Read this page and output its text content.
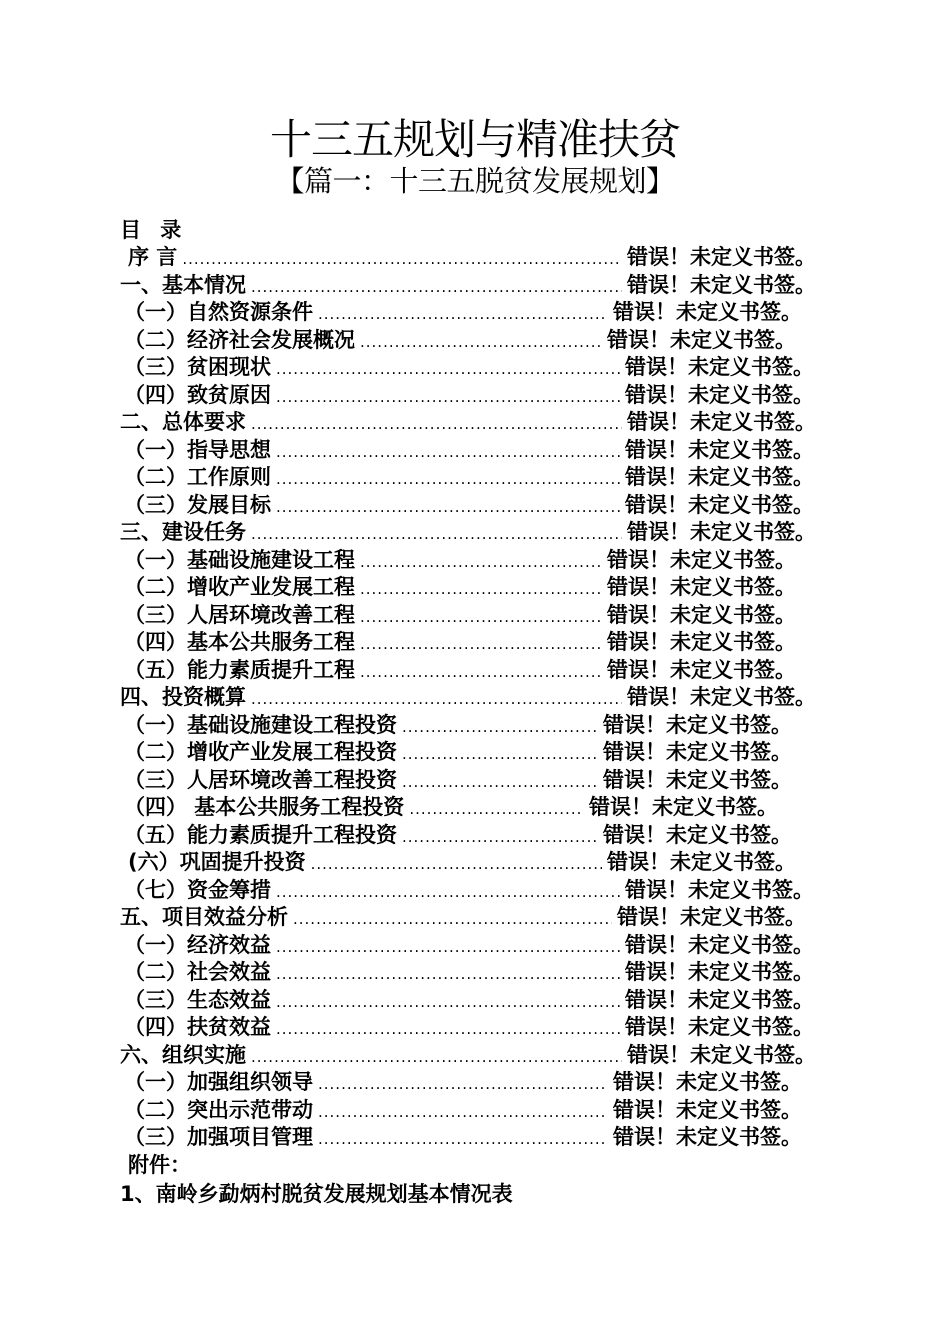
十三五规划与精准扶贫
【篇一：十三五脱贫发展规划】
目 录
序 言 .....	错误！未定义书签。
一、基本情况 .....	错误！未定义书签。
（一）自然资源条件 .....	错误！未定义书签。
（二）经济社会发展概况 .....	错误！未定义书签。
（三）贫困现状 .....	错误！未定义书签。
（四）致贫原因 .....	错误！未定义书签。
二、总体要求 .....	错误！未定义书签。
（一）指导思想 .....	错误！未定义书签。
（二）工作原则 .....	错误！未定义书签。
（三）发展目标 .....	错误！未定义书签。
三、建设任务 .....	错误！未定义书签。
（一）基础设施建设工程 .....	错误！未定义书签。
（二）增收产业发展工程 .....	错误！未定义书签。
（三）人居环境改善工程 .....	错误！未定义书签。
（四）基本公共服务工程 .....	错误！未定义书签。
（五）能力素质提升工程 .....	错误！未定义书签。
四、投资概算 .....	错误！未定义书签。
（一）基础设施建设工程投资 .....	错误！未定义书签。
（二）增收产业发展工程投资 .....	错误！未定义书签。
（三）人居环境改善工程投资 .....	错误！未定义书签。
（四） 基本公共服务工程投资 .....	错误！未定义书签。
（五）能力素质提升工程投资 .....	错误！未定义书签。
(六）巩固提升投资 .....	错误！未定义书签。
（七）资金筹措 .....	错误！未定义书签。
五、项目效益分析 .....	错误！未定义书签。
（一）经济效益 .....	错误！未定义书签。
（二）社会效益 .....	错误！未定义书签。
（三）生态效益 .....	错误！未定义书签。
（四）扶贫效益 .....	错误！未定义书签。
六、组织实施 .....	错误！未定义书签。
（一）加强组织领导 .....	错误！未定义书签。
（二）突出示范带动 .....	错误！未定义书签。
（三）加强项目管理 .....	错误！未定义书签。
附件：
1、南岭乡勐炳村脱贫发展规划基本情况表
